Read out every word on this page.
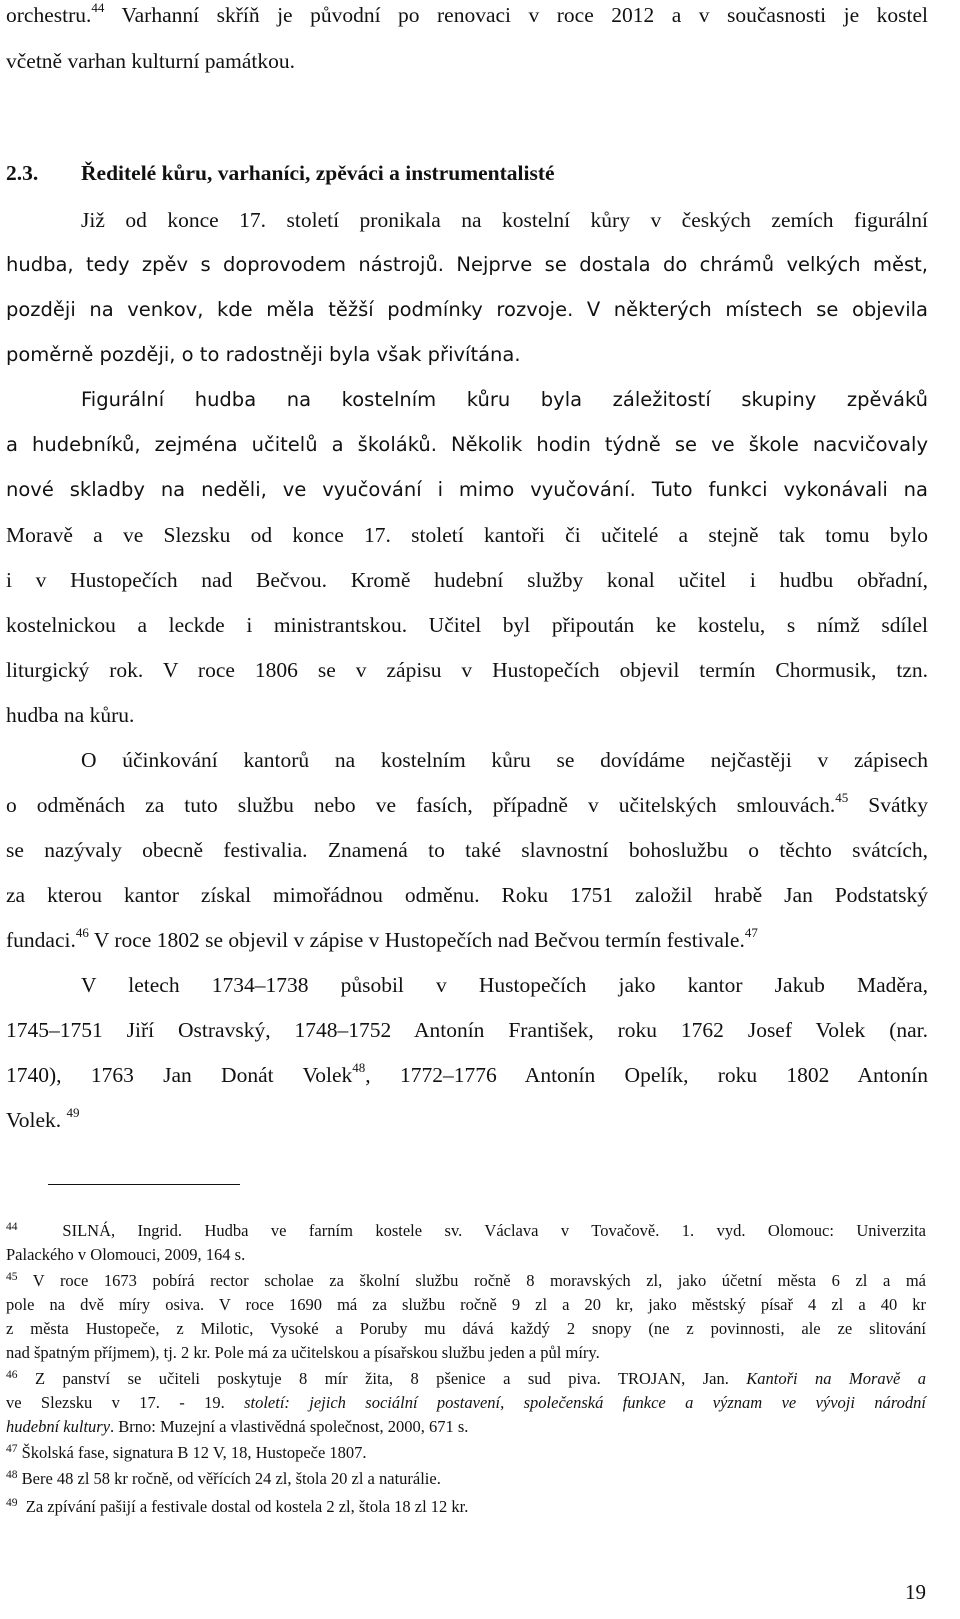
orchestru.$^{44}$ Varhanní skříň je původní po renovaci v roce 2012 a v současnosti je kostel
včetně varhan kulturní památkou.
2.3. Ředitelé kůru, varhaníci, zpěváci a instrumentalisté
Již od konce 17. století pronikala na kostelní kůry v českých zemích figurální
hudba, tedy zpěv s doprovodem nástrojů. Nejprve se dostala do chrámů velkých měst,
později na venkov, kde měla těžší podmínky rozvoje. V některých místech se objevila
poměrně později, o to radostněji byla však přivítána.
Figurální hudba na kostelním kůru byla záležitostí skupiny zpěváků
a hudebníků, zejména učitelů a školáků. Několik hodin týdně se ve škole nacvičovaly
nové skladby na neděli, ve vyučování i mimo vyučování. Tuto funkci vykonávali na
Moravě a ve Slezsku od konce 17. století kantoři či učitelé a stejně tak tomu bylo
i v Hustopečích nad Bečvou. Kromě hudební služby konal učitel i hudbu obřadní,
kostelnickou a leckde i ministrantskou. Učitel byl připoután ke kostelu, s nímž sdílel
liturgický rok. V roce 1806 se v zápisu v Hustopečích objevil termín Chormusik, tzn.
hudba na kůru.
O účinkování kantorů na kostelním kůru se dovídáme nejčastěji v zápisech
o odměnách za tuto službu nebo ve fasích, případně v učitelských smlouvách.$^{45}$ Svátky
se nazývaly obecně festivalia. Znamená to také slavnostní bohoslužbu o těchto svátcích,
za kterou kantor získal mimořádnou odměnu. Roku 1751 založil hrabě Jan Podstatský
fundaci.$^{46}$ V roce 1802 se objevil v zápise v Hustopečích nad Bečvou termín festivale.$^{47}$
V letech 1734–1738 působil v Hustopečích jako kantor Jakub Maděra,
1745–1751 Jiří Ostravský, 1748–1752 Antonín František, roku 1762 Josef Volek (nar.
1740), 1763 Jan Donát Volek$^{48}$, 1772–1776 Antonín Opelík, roku 1802 Antonín
Volek. $^{49}$
$^{44}$	SILNÁ, Ingrid. Hudba ve farním kostele sv. Václava v Tovačově. 1. vyd. Olomouc: Univerzita
Palackého v Olomouci, 2009, 164 s.
$^{45}$ V roce 1673 pobírá rector scholae za školní službu ročně 8 moravských zl, jako účetní města 6 zl a má
pole na dvě míry osiva. V roce 1690 má za službu ročně 9 zl a 20 kr, jako městský písař 4 zl a 40 kr
z města Hustopeče, z Milotic, Vysoké a Poruby mu dává každý 2 snopy (ne z povinnosti, ale ze slitování
nad špatným příjmem), tj. 2 kr. Pole má za učitelskou a písařskou službu jeden a půl míry.
$^{46}$ Z panství se učiteli poskytuje 8 mír žita, 8 pšenice a sud piva. TROJAN, Jan. Kantoři na Moravě a
ve Slezsku v 17. - 19. století: jejich sociální postavení, společenská funkce a význam ve vývoji národní
hudební kultury. Brno: Muzejní a vlastivědná společnost, 2000, 671 s.
$^{47}$ Školská fase, signatura B 12 V, 18, Hustopeče 1807.
$^{48}$ Bere 48 zl 58 kr ročně, od věřících 24 zl, štola 20 zl a naturálie.
$^{49}$ Za zpívání pašijí a festivale dostal od kostela 2 zl, štola 18 zl 12 kr.
19
